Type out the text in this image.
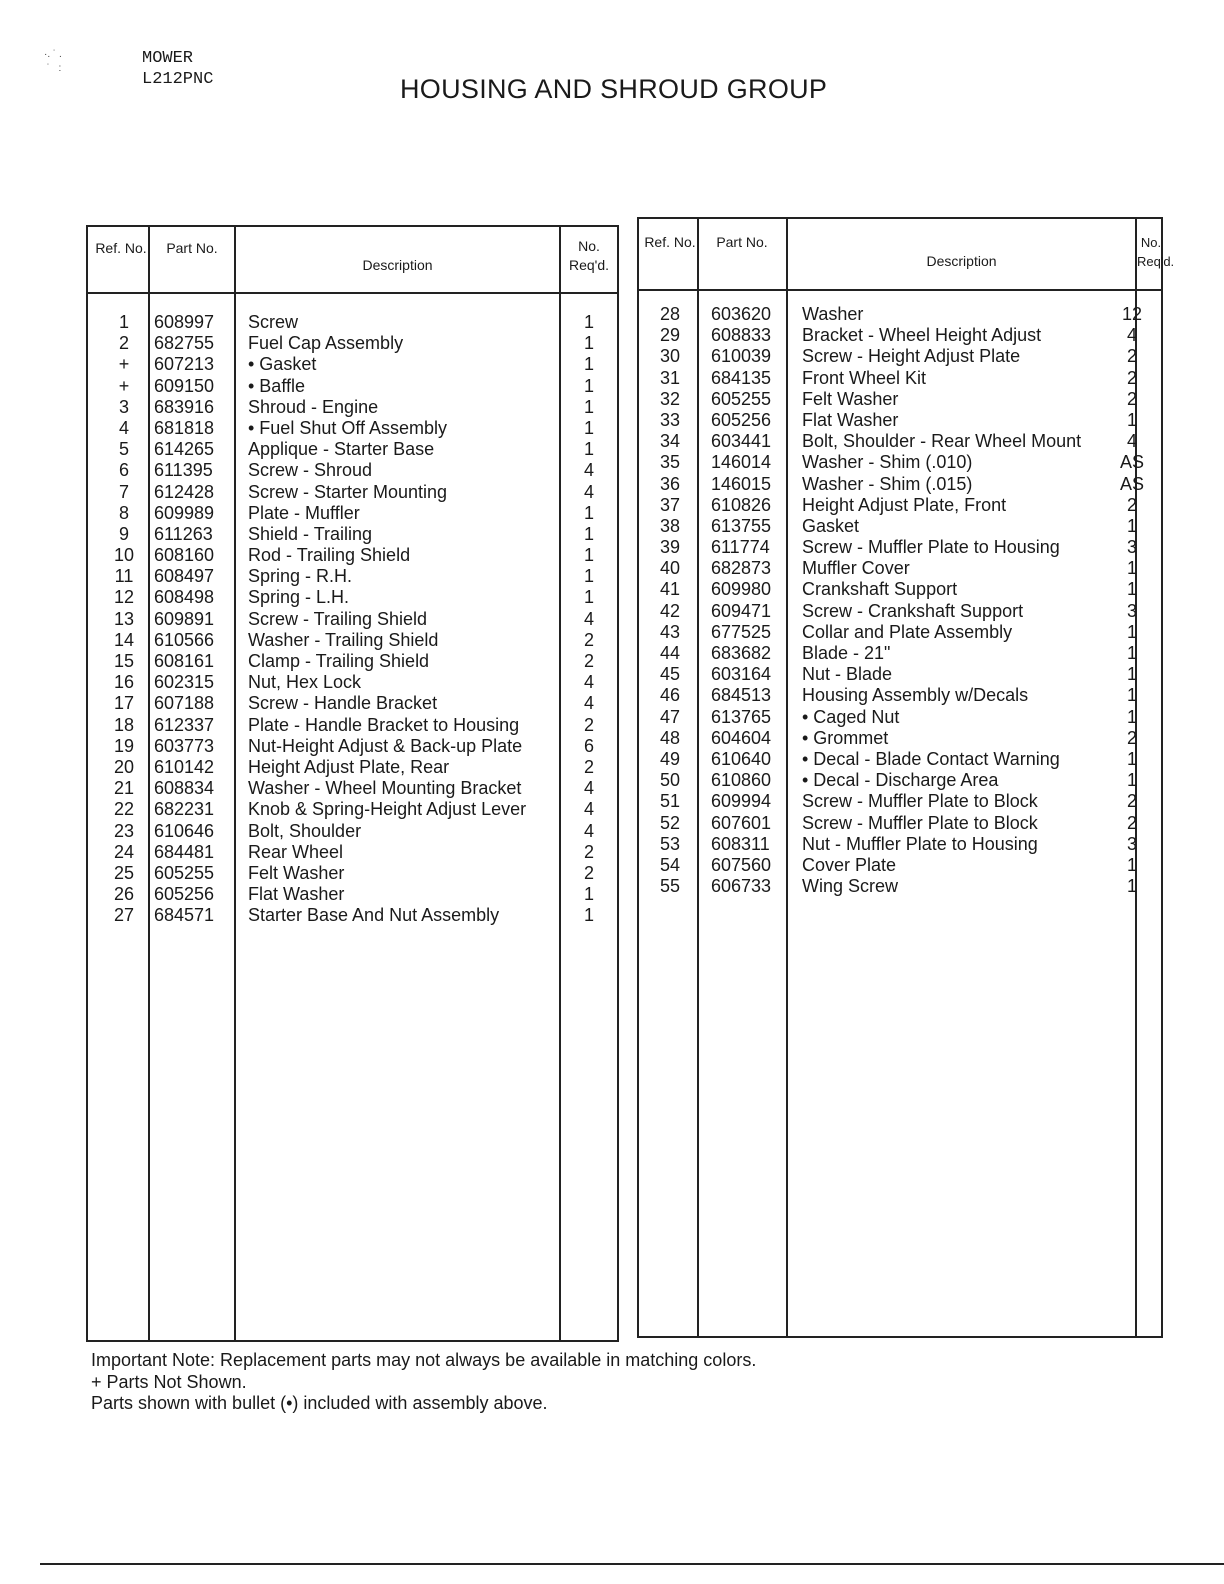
·. ˙ .
˙   :
MOWER
L212PNC	HOUSING AND SHROUD GROUP
Ref. No.	Part No.
Description
No. Req'd.
1	608997 Screw	1
2	682755 Fuel Cap Assembly	1
+	607213 • Gasket	1
+	609150 • Baffle	1
3	683916 Shroud - Engine	1
4	681818 • Fuel Shut Off Assembly	1
5	614265 Applique - Starter Base	1
6	611395 Screw - Shroud	4
7	612428 Screw - Starter Mounting	4
8	609989 Plate - Muffler	1
9	611263 Shield - Trailing	1
10	608160 Rod - Trailing Shield	1
11	608497 Spring - R.H.	1
12	608498 Spring - L.H.	1
13	609891 Screw - Trailing Shield	4
14	610566 Washer - Trailing Shield	2
15	608161 Clamp - Trailing Shield	2
16	602315 Nut, Hex Lock	4
17	607188 Screw - Handle Bracket	4
18	612337 Plate - Handle Bracket to Housing	2
19	603773 Nut-Height Adjust & Back-up Plate	6
20	610142 Height Adjust Plate, Rear	2
21	608834 Washer - Wheel Mounting Bracket	4
22	682231 Knob & Spring-Height Adjust Lever	4
23	610646 Bolt, Shoulder	4
24	684481 Rear Wheel	2
25	605255 Felt Washer	2
26	605256 Flat Washer	1
27	684571 Starter Base And Nut Assembly	1
Ref. No.	Part No.
Description
No. Req'd.
28	603620 Washer	12
29	608833 Bracket - Wheel Height Adjust	4
30	610039 Screw - Height Adjust Plate	2
31	684135 Front Wheel Kit	2
32	605255 Felt Washer	2
33	605256 Flat Washer	1
34	603441 Bolt, Shoulder - Rear Wheel Mount	4
35	146014 Washer - Shim (.010)	AS
36	146015 Washer - Shim (.015)	AS
37	610826 Height Adjust Plate, Front	2
38	613755 Gasket	1
39	611774 Screw - Muffler Plate to Housing	3
40	682873 Muffler Cover	1
41	609980 Crankshaft Support	1
42	609471 Screw - Crankshaft Support	3
43	677525 Collar and Plate Assembly	1
44	683682 Blade - 21"	1
45	603164 Nut - Blade	1
46	684513 Housing Assembly w/Decals	1
47	613765 • Caged Nut	1
48	604604 • Grommet	2
49	610640 • Decal - Blade Contact Warning	1
50	610860 • Decal - Discharge Area	1
51	609994 Screw - Muffler Plate to Block	2
52	607601 Screw - Muffler Plate to Block	2
53	608311 Nut - Muffler Plate to Housing	3
54	607560 Cover Plate	1
55	606733 Wing Screw	1
Important Note: Replacement parts may not always be available in matching colors.
+ Parts Not Shown.
Parts shown with bullet (•) included with assembly above.
